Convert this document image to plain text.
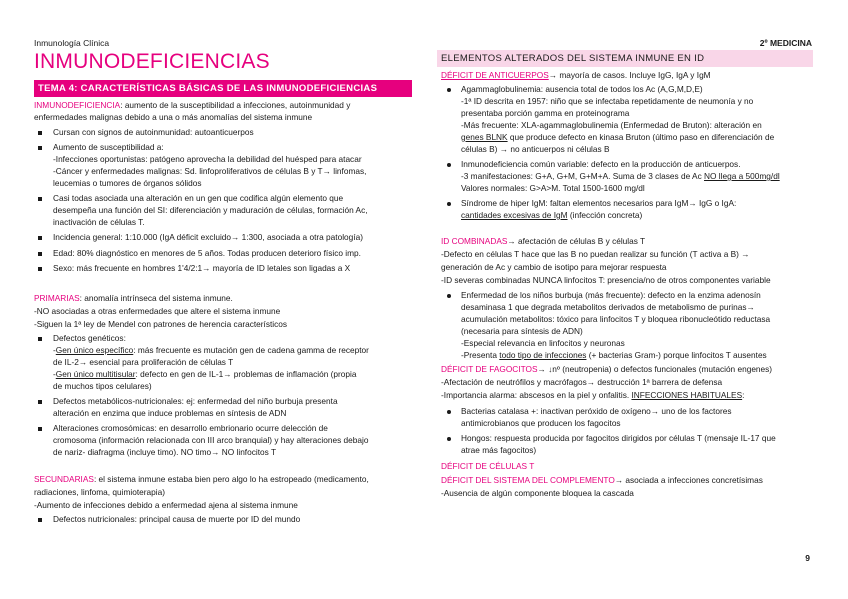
Inmunología Clínica	2º MEDICINA
INMUNODEFICIENCIAS
TEMA 4: CARACTERÍSTICAS BÁSICAS DE LAS INMUNODEFICIENCIAS
INMUNODEFICIENCIA: aumento de la susceptibilidad a infecciones, autoinmunidad y
enfermedades malignas debido a una o más anomalías del sistema inmune
Cursan con signos de autoinmunidad: autoanticuerpos
Aumento de susceptibilidad a:
-Infecciones oportunistas: patógeno aprovecha la debilidad del huésped para atacar
-Cáncer y enfermedades malignas: Sd. linfoproliferativos de células B y T→ linfomas,
leucemias o tumores de órganos sólidos
Casi todas asociada una alteración en un gen que codifica algún elemento que
desempeña una función del SI: diferenciación y maduración de células, formación Ac,
inactivación de células T.
Incidencia general: 1:10.000 (IgA déficit excluido→ 1:300, asociada a otra patología)
Edad: 80% diagnóstico en menores de 5 años. Todas producen deterioro físico imp.
Sexo: más frecuente en hombres 1'4/2:1→ mayoría de ID letales son ligadas a X
PRIMARIAS: anomalía intrínseca del sistema inmune.
-NO asociadas a otras enfermedades que altere el sistema inmune
-Siguen la 1ª ley de Mendel con patrones de herencia característicos
Defectos genéticos:
-Gen único específico: más frecuente es mutación gen de cadena gamma de receptor
de IL-2→ esencial para proliferación de células T
-Gen único multitisular: defecto en gen de IL-1→ problemas de inflamación (propia
de muchos tipos celulares)
Defectos metabólicos-nutricionales: ej: enfermedad del niño burbuja presenta
alteración en enzima que induce problemas en síntesis de ADN
Alteraciones cromosómicas: en desarrollo embrionario ocurre delección de
cromosoma (información relacionada con III arco branquial) y hay alteraciones debajo
de nariz- diafragma (incluye timo). NO timo→ NO linfocitos T
SECUNDARIAS: el sistema inmune estaba bien pero algo lo ha estropeado (medicamento,
radiaciones, linfoma, quimioterapia)
-Aumento de infecciones debido a enfermedad ajena al sistema inmune
Defectos nutricionales: principal causa de muerte por ID del mundo
ELEMENTOS ALTERADOS DEL SISTEMA INMUNE EN ID
DÉFICIT DE ANTICUERPOS→ mayoría de casos. Incluye IgG, IgA y IgM
Agammaglobulinemia: ausencia total de todos los Ac (A,G,M,D,E)
-1ª ID descrita en 1957: niño que se infectaba repetidamente de neumonía y no
presentaba porción gamma en proteinograma
-Más frecuente: XLA-agammaglobulinemia (Enfermedad de Bruton): alteración en
genes BLNK que produce defecto en kinasa Bruton (último paso en diferenciación de
células B) → no anticuerpos ni células B
Inmunodeficiencia común variable: defecto en la producción de anticuerpos.
-3 manifestaciones: G+A, G+M, G+M+A. Suma de 3 clases de Ac NO llega a 500mg/dl
Valores normales: G>A>M. Total 1500-1600 mg/dl
Síndrome de hiper IgM: faltan elementos necesarios para IgM→ IgG o IgA:
cantidades excesivas de IgM (infección concreta)
ID COMBINADAS→ afectación de células B y células T
-Defecto en células T hace que las B no puedan realizar su función (T activa a B) →
generación de Ac y cambio de isotipo para mejorar respuesta
-ID severas combinadas NUNCA linfocitos T: presencia/no de otros componentes variable
Enfermedad de los niños burbuja (más frecuente): defecto en la enzima adenosín
desaminasa 1 que degrada metabolitos derivados de metabolismo de purinas→
acumulación metabolitos: tóxico para linfocitos T y bloquea ribonucleótido reductasa
(necesaria para síntesis de ADN)
-Especial relevancia en linfocitos y neuronas
-Presenta todo tipo de infecciones (+ bacterias Gram-) porque linfocitos T ausentes
DÉFICIT DE FAGOCITOS→ ↓nº (neutropenia) o defectos funcionales (mutación engenes)
-Afectación de neutrófilos y macrófagos→ destrucción 1ª barrera de defensa
-Importancia alarma: abscesos en la piel y onfalitis. INFECCIONES HABITUALES:
Bacterias catalasa +: inactivan peróxido de oxígeno→ uno de los factores
antimicrobianos que producen los fagocitos
Hongos: respuesta producida por fagocitos dirigidos por células T (mensaje IL-17 que
atrae más fagocitos)
DÉFICIT DE CÉLULAS T
DÉFICIT DEL SISTEMA DEL COMPLEMENTO→ asociada a infecciones concretísimas
-Ausencia de algún componente bloquea la cascada
9
